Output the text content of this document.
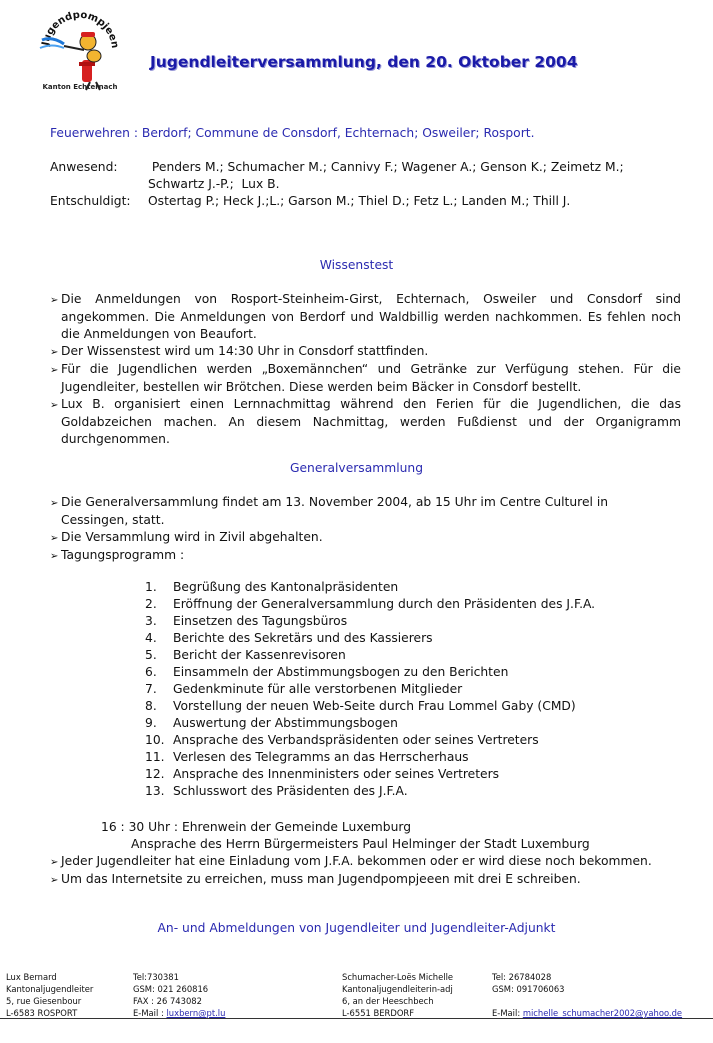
Jugendpompjeen
Kanton Echternach
Jugendleiterversammlung, den 20. Oktober 2004
Feuerwehren : Berdorf; Commune de Consdorf, Echternach; Osweiler; Rosport.
Anwesend: Penders M.; Schumacher M.; Cannivy F.; Wagener A.; Genson K.; Zeimetz M.;
Schwartz J.-P.;  Lux B.
Entschuldigt: Ostertag P.; Heck J.;L.; Garson M.; Thiel D.; Fetz L.; Landen M.; Thill J.
Wissenstest

➢ Die Anmeldungen von Rosport-Steinheim-Girst, Echternach, Osweiler und Consdorf sind angekommen. Die Anmeldungen von Berdorf und Waldbillig werden nachkommen. Es fehlen noch die Anmeldungen von Beaufort.

➢ Der Wissenstest wird um 14:30 Uhr in Consdorf stattfinden.

➢ Für die Jugendlichen werden „Boxemännchen“ und Getränke zur Verfügung stehen. Für die Jugendleiter, bestellen wir Brötchen. Diese werden beim Bäcker in Consdorf bestellt.

➢ Lux B. organisiert einen Lernnachmittag während den Ferien für die Jugendlichen, die das Goldabzeichen machen. An diesem Nachmittag, werden Fußdienst und der Organigramm durchgenommen.

Generalversammlung

➢ Die Generalversammlung findet am 13. November 2004, ab 15 Uhr im Centre Culturel in Cessingen, statt.

➢ Die Versammlung wird in Zivil abgehalten.

➢ Tagungsprogramm :

1.	Begrüßung des Kantonalpräsidenten
2.	Eröffnung der Generalversammlung durch den Präsidenten des J.F.A.
3.	Einsetzen des Tagungsbüros
4.	Berichte des Sekretärs und des Kassierers
5.	Bericht der Kassenrevisoren
6.	Einsammeln der Abstimmungsbogen zu den Berichten
7.	Gedenkminute für alle verstorbenen Mitglieder
8.	Vorstellung der neuen Web-Seite durch Frau Lommel Gaby (CMD)
9.	Auswertung der Abstimmungsbogen
10. Ansprache des Verbandspräsidenten oder seines Vertreters
11. Verlesen des Telegramms an das Herrscherhaus
12. Ansprache des Innenministers oder seines Vertreters
13. Schlusswort des Präsidenten des J.F.A.
16 : 30 Uhr : Ehrenwein der Gemeinde Luxemburg
Ansprache des Herrn Bürgermeisters Paul Helminger der Stadt Luxemburg

➢ Jeder Jugendleiter hat eine Einladung vom J.F.A. bekommen oder er wird diese noch bekommen.

➢ Um das Internetsite zu erreichen, muss man Jugendpompjeeen mit drei E schreiben.

An- und Abmeldungen von Jugendleiter und Jugendleiter-Adjunkt
Lux Bernard
Kantonaljugendleiter
5, rue Giesenbour
L-6583 ROSPORT
Tel:730381
GSM: 021 260816
FAX : 26 743082
E-Mail : luxbern@pt.lu
Schumacher-Loës Michelle
Kantonaljugendleiterin-adj
6, an der Heeschbech
L-6551 BERDORF
Tel: 26784028
GSM: 091706063
E-Mail: michelle_schumacher2002@yahoo.de
